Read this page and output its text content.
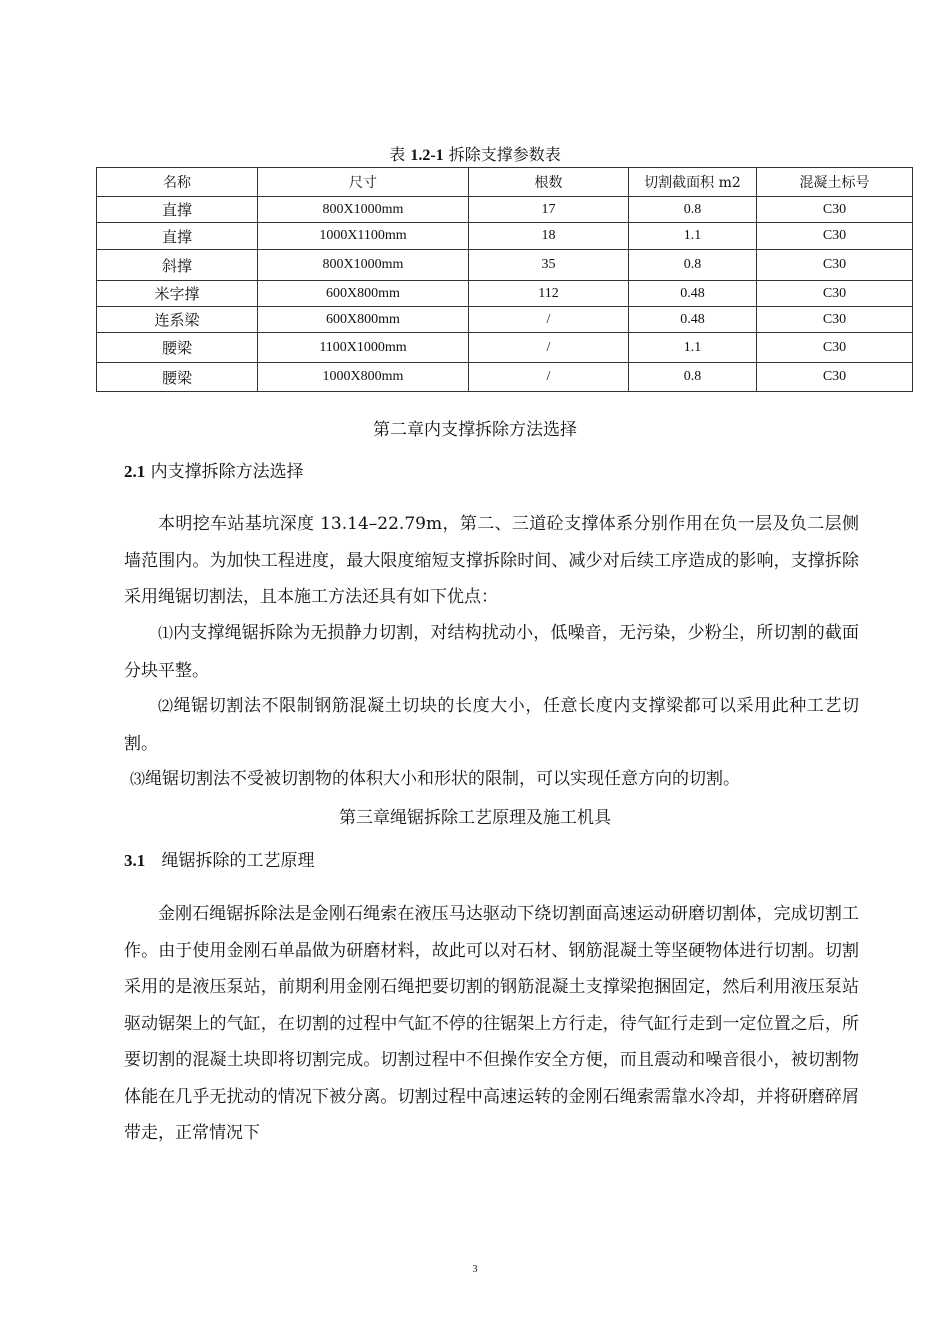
表 1.2-1 拆除支撑参数表
名称	尺寸	根数	切割截面积 m2	混凝土标号
直撑	800X1000mm	17	0.8	C30
直撑	1000X1100mm	18	1.1	C30
斜撑	800X1000mm	35	0.8	C30
米字撑	600X800mm	112	0.48	C30
连系梁	600X800mm	/	0.48	C30
腰梁	1100X1000mm	/	1.1	C30
腰梁	1000X800mm	/	0.8	C30
第二章内支撑拆除方法选择
2.1 内支撑拆除方法选择

本明挖车站基坑深度 13.14–22.79m，第二、三道砼支撑体系分别作用在负一层及负二层侧墙范围内。为加快工程进度，最大限度缩短支撑拆除时间、减少对后续工序造成的影响，支撑拆除采用绳锯切割法，且本施工方法还具有如下优点：

⑴内支撑绳锯拆除为无损静力切割，对结构扰动小，低噪音，无污染，少粉尘，所切割的截面分块平整。

⑵绳锯切割法不限制钢筋混凝土切块的长度大小，任意长度内支撑梁都可以采用此种工艺切割。

⑶绳锯切割法不受被切割物的体积大小和形状的限制，可以实现任意方向的切割。

第三章绳锯拆除工艺原理及施工机具
3.1   绳锯拆除的工艺原理

金刚石绳锯拆除法是金刚石绳索在液压马达驱动下绕切割面高速运动研磨切割体，完成切割工作。由于使用金刚石单晶做为研磨材料，故此可以对石材、钢筋混凝土等坚硬物体进行切割。切割采用的是液压泵站，前期利用金刚石绳把要切割的钢筋混凝土支撑梁抱捆固定，然后利用液压泵站驱动锯架上的气缸，在切割的过程中气缸不停的往锯架上方行走，待气缸行走到一定位置之后，所要切割的混凝土块即将切割完成。切割过程中不但操作安全方便，而且震动和噪音很小，被切割物体能在几乎无扰动的情况下被分离。切割过程中高速运转的金刚石绳索需靠水冷却，并将研磨碎屑带走，正常情况下

3
